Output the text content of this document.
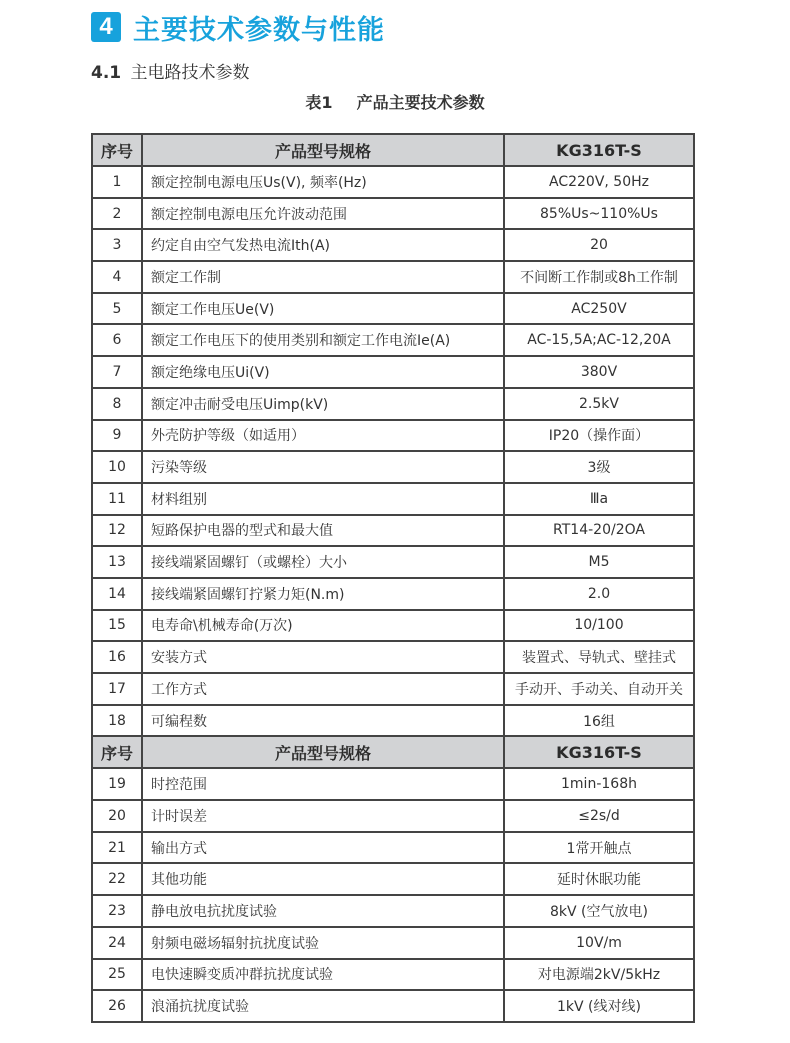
4 主要技术参数与性能
4.1 主电路技术参数
表1 产品主要技术参数
序号	产品型号规格	KG316T-S
1	额定控制电源电压Us(V), 频率(Hz)	AC220V, 50Hz
2	额定控制电源电压允许波动范围	85%Us~110%Us
3	约定自由空气发热电流Ith(A)	20
4	额定工作制	不间断工作制或8h工作制
5	额定工作电压Ue(V)	AC250V
6	额定工作电压下的使用类别和额定工作电流Ie(A)	AC-15,5A;AC-12,20A
7	额定绝缘电压Ui(V)	380V
8	额定冲击耐受电压Uimp(kV)	2.5kV
9	外壳防护等级（如适用）	IP20（操作面）
10	污染等级	3级
11	材料组别	Ⅲa
12	短路保护电器的型式和最大值	RT14-20/2OA
13	接线端紧固螺钉（或螺栓）大小	M5
14	接线端紧固螺钉拧紧力矩(N.m)	2.0
15	电寿命\机械寿命(万次)	10/100
16	安装方式	装置式、导轨式、壁挂式
17	工作方式	手动开、手动关、自动开关
18	可编程数	16组
序号	产品型号规格	KG316T-S
19	时控范围	1min-168h
20	计时误差	≤2s/d
21	输出方式	1常开触点
22	其他功能	延时休眠功能
23	静电放电抗扰度试验	8kV (空气放电)
24	射频电磁场辐射抗扰度试验	10V/m
25	电快速瞬变质冲群抗扰度试验	对电源端2kV/5kHz
26	浪涌抗扰度试验	1kV (线对线)
